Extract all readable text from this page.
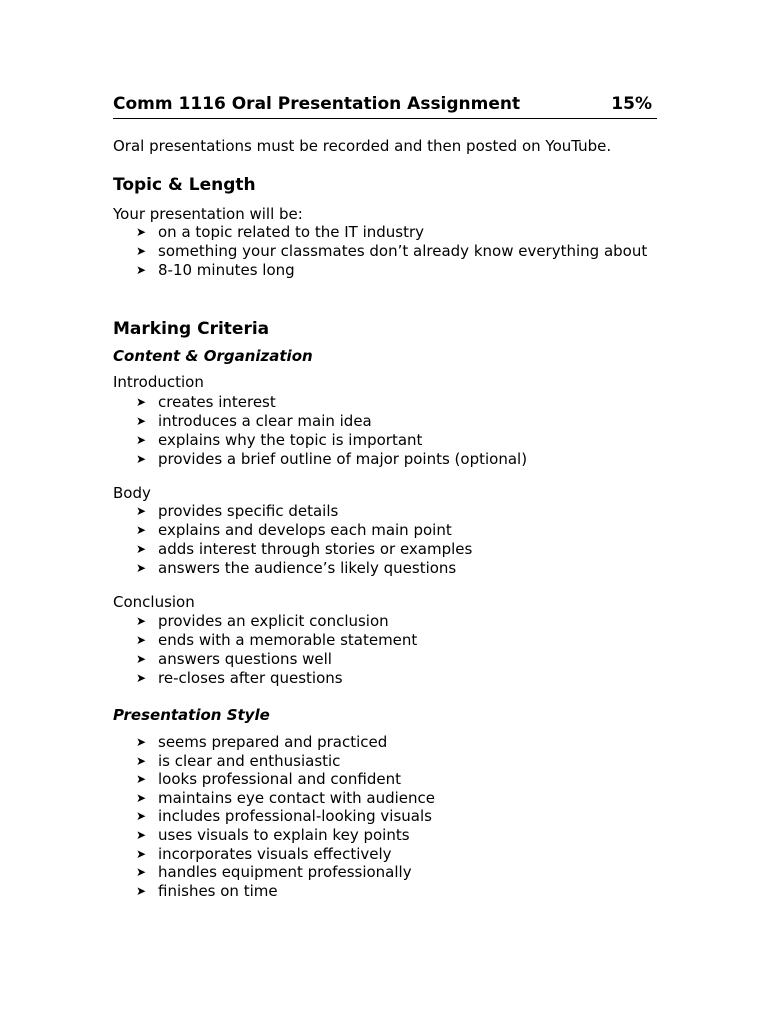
Comm 1116 Oral Presentation Assignment	15%
Oral presentations must be recorded and then posted on YouTube.
Topic & Length
Your presentation will be:
➤ on a topic related to the IT industry
➤ something your classmates don’t already know everything about
➤ 8-10 minutes long
Marking Criteria
Content & Organization
Introduction
➤ creates interest
➤ introduces a clear main idea
➤ explains why the topic is important
➤ provides a brief outline of major points (optional)
Body
➤ provides specific details
➤ explains and develops each main point
➤ adds interest through stories or examples
➤ answers the audience’s likely questions
Conclusion
➤ provides an explicit conclusion
➤ ends with a memorable statement
➤ answers questions well
➤ re-closes after questions
Presentation Style
➤ seems prepared and practiced
➤ is clear and enthusiastic
➤ looks professional and confident
➤ maintains eye contact with audience
➤ includes professional-looking visuals
➤ uses visuals to explain key points
➤ incorporates visuals effectively
➤ handles equipment professionally
➤ finishes on time
